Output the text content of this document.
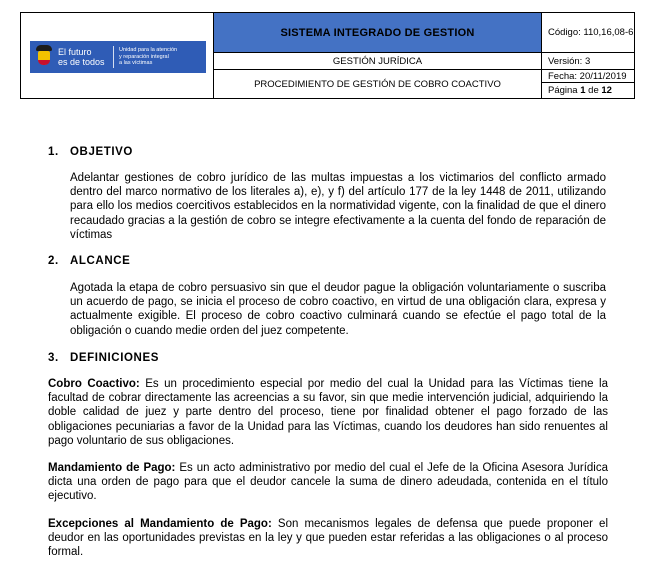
El futuro
es de todos
Unidad para la atención
y reparación integral
a las víctimas
SISTEMA INTEGRADO DE GESTION
GESTIÓN JURÍDICA
PROCEDIMIENTO DE GESTIÓN DE COBRO COACTIVO
Código: 110,16,08-6
Versión: 3
Fecha: 20/11/2019
Página 1 de 12
1. OBJETIVO
Adelantar gestiones de cobro jurídico de las multas impuestas a los victimarios del conflicto armado dentro del marco normativo de los literales a), e), y f) del artículo 177 de la ley 1448 de 2011, utilizando para ello los medios coercitivos establecidos en la normatividad vigente, con la finalidad de que el dinero recaudado gracias a la gestión de cobro se integre efectivamente a la cuenta del fondo de reparación de víctimas
2. ALCANCE
Agotada la etapa de cobro persuasivo sin que el deudor pague la obligación voluntariamente o suscriba un acuerdo de pago, se inicia el proceso de cobro coactivo, en virtud de una obligación clara, expresa y actualmente exigible. El proceso de cobro coactivo culminará cuando se efectúe el pago total de la obligación o cuando medie orden del juez competente.
3. DEFINICIONES
Cobro Coactivo: Es un procedimiento especial por medio del cual la Unidad para las Víctimas tiene la facultad de cobrar directamente las acreencias a su favor, sin que medie intervención judicial, adquiriendo la doble calidad de juez y parte dentro del proceso, tiene por finalidad obtener el pago forzado de las obligaciones pecuniarias a favor de la Unidad para las Víctimas, cuando los deudores han sido renuentes al pago voluntario de sus obligaciones.
Mandamiento de Pago: Es un acto administrativo por medio del cual el Jefe de la Oficina Asesora Jurídica dicta una orden de pago para que el deudor cancele la suma de dinero adeudada, contenida en el título ejecutivo.
Excepciones al Mandamiento de Pago: Son mecanismos legales de defensa que puede proponer el deudor en las oportunidades previstas en la ley y que pueden estar referidas a las obligaciones o al proceso formal.
